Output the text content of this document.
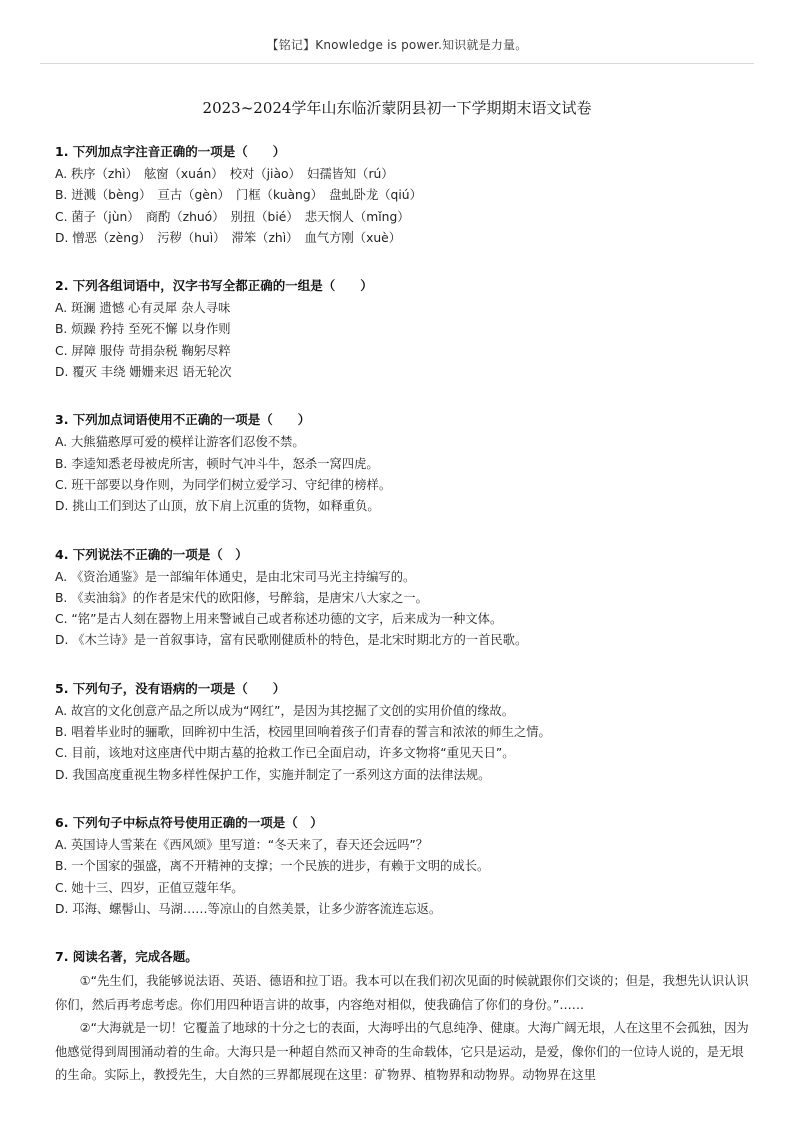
【铭记】Knowledge is power.知识就是力量。
2023~2024学年山东临沂蒙阴县初一下学期期末语文试卷
1. 下列加点字注音正确的一项是（　　）
A. 秩序（zhì）　舷窗（xuán）　校对（jiào）　妇孺皆知（rú）
B. 迸溅（bèng）　亘古（gèn）　门框（kuàng）　盘虬卧龙（qiú）
C. 菌子（jùn）　商酌（zhuó）　别扭（bié）　悲天悯人（mǐng）
D. 憎恶（zèng）　污秽（huì）　滞笨（zhì）　血气方刚（xuè）
2. 下列各组词语中，汉字书写全都正确的一组是（　　）
A. 斑澜 遗憾 心有灵犀 杂人寻味
B. 烦躁 矜持 至死不懈 以身作则
C. 屏障 服侍 苛捐杂税 鞠躬尽粹
D. 覆灭 丰绕 姗姗来迟 语无轮次
3. 下列加点词语使用不正确的一项是（　　）
A. 大熊猫憨厚可爱的模样让游客们忍俊不禁。
B. 李逵知悉老母被虎所害，顿时气冲斗牛，怒杀一窝四虎。
C. 班干部要以身作则，为同学们树立爱学习、守纪律的榜样。
D. 挑山工们到达了山顶，放下肩上沉重的货物，如释重负。
4. 下列说法不正确的一项是（　）
A. 《资治通鉴》是一部编年体通史，是由北宋司马光主持编写的。
B. 《卖油翁》的作者是宋代的欧阳修，号醉翁，是唐宋八大家之一。
C. “铭”是古人刻在器物上用来警诫自己或者称述功德的文字，后来成为一种文体。
D. 《木兰诗》是一首叙事诗，富有民歌刚健质朴的特色，是北宋时期北方的一首民歌。
5. 下列句子，没有语病的一项是（　　）
A. 故宫的文化创意产品之所以成为“网红”，是因为其挖掘了文创的实用价值的缘故。
B. 唱着毕业时的骊歌，回眸初中生活，校园里回响着孩子们青春的誓言和浓浓的师生之情。
C. 目前，该地对这座唐代中期古墓的抢救工作已全面启动，许多文物将“重见天日”。
D. 我国高度重视生物多样性保护工作，实施并制定了一系列这方面的法律法规。
6. 下列句子中标点符号使用正确的一项是（　）
A. 英国诗人雪莱在《西风颂》里写道：“冬天来了，春天还会远吗”？
B. 一个国家的强盛，离不开精神的支撑；一个民族的进步，有赖于文明的成长。
C. 她十三、四岁，正值豆蔻年华。
D. 邛海、螺髻山、马湖……等凉山的自然美景，让多少游客流连忘返。
7. 阅读名著，完成各题。
①“先生们，我能够说法语、英语、德语和拉丁语。我本可以在我们初次见面的时候就跟你们交谈的；但是，我想先认识认识你们，然后再考虑考虑。你们用四种语言讲的故事，内容绝对相似，使我确信了你们的身份。”……
②“大海就是一切！它覆盖了地球的十分之七的表面，大海呼出的气息纯净、健康。大海广阔无垠，人在这里不会孤独，因为他感觉得到周围涌动着的生命。大海只是一种超自然而又神奇的生命载体，它只是运动，是爱，像你们的一位诗人说的，是无垠的生命。实际上，教授先生，大自然的三界都展现在这里：矿物界、植物界和动物界。动物界在这里
